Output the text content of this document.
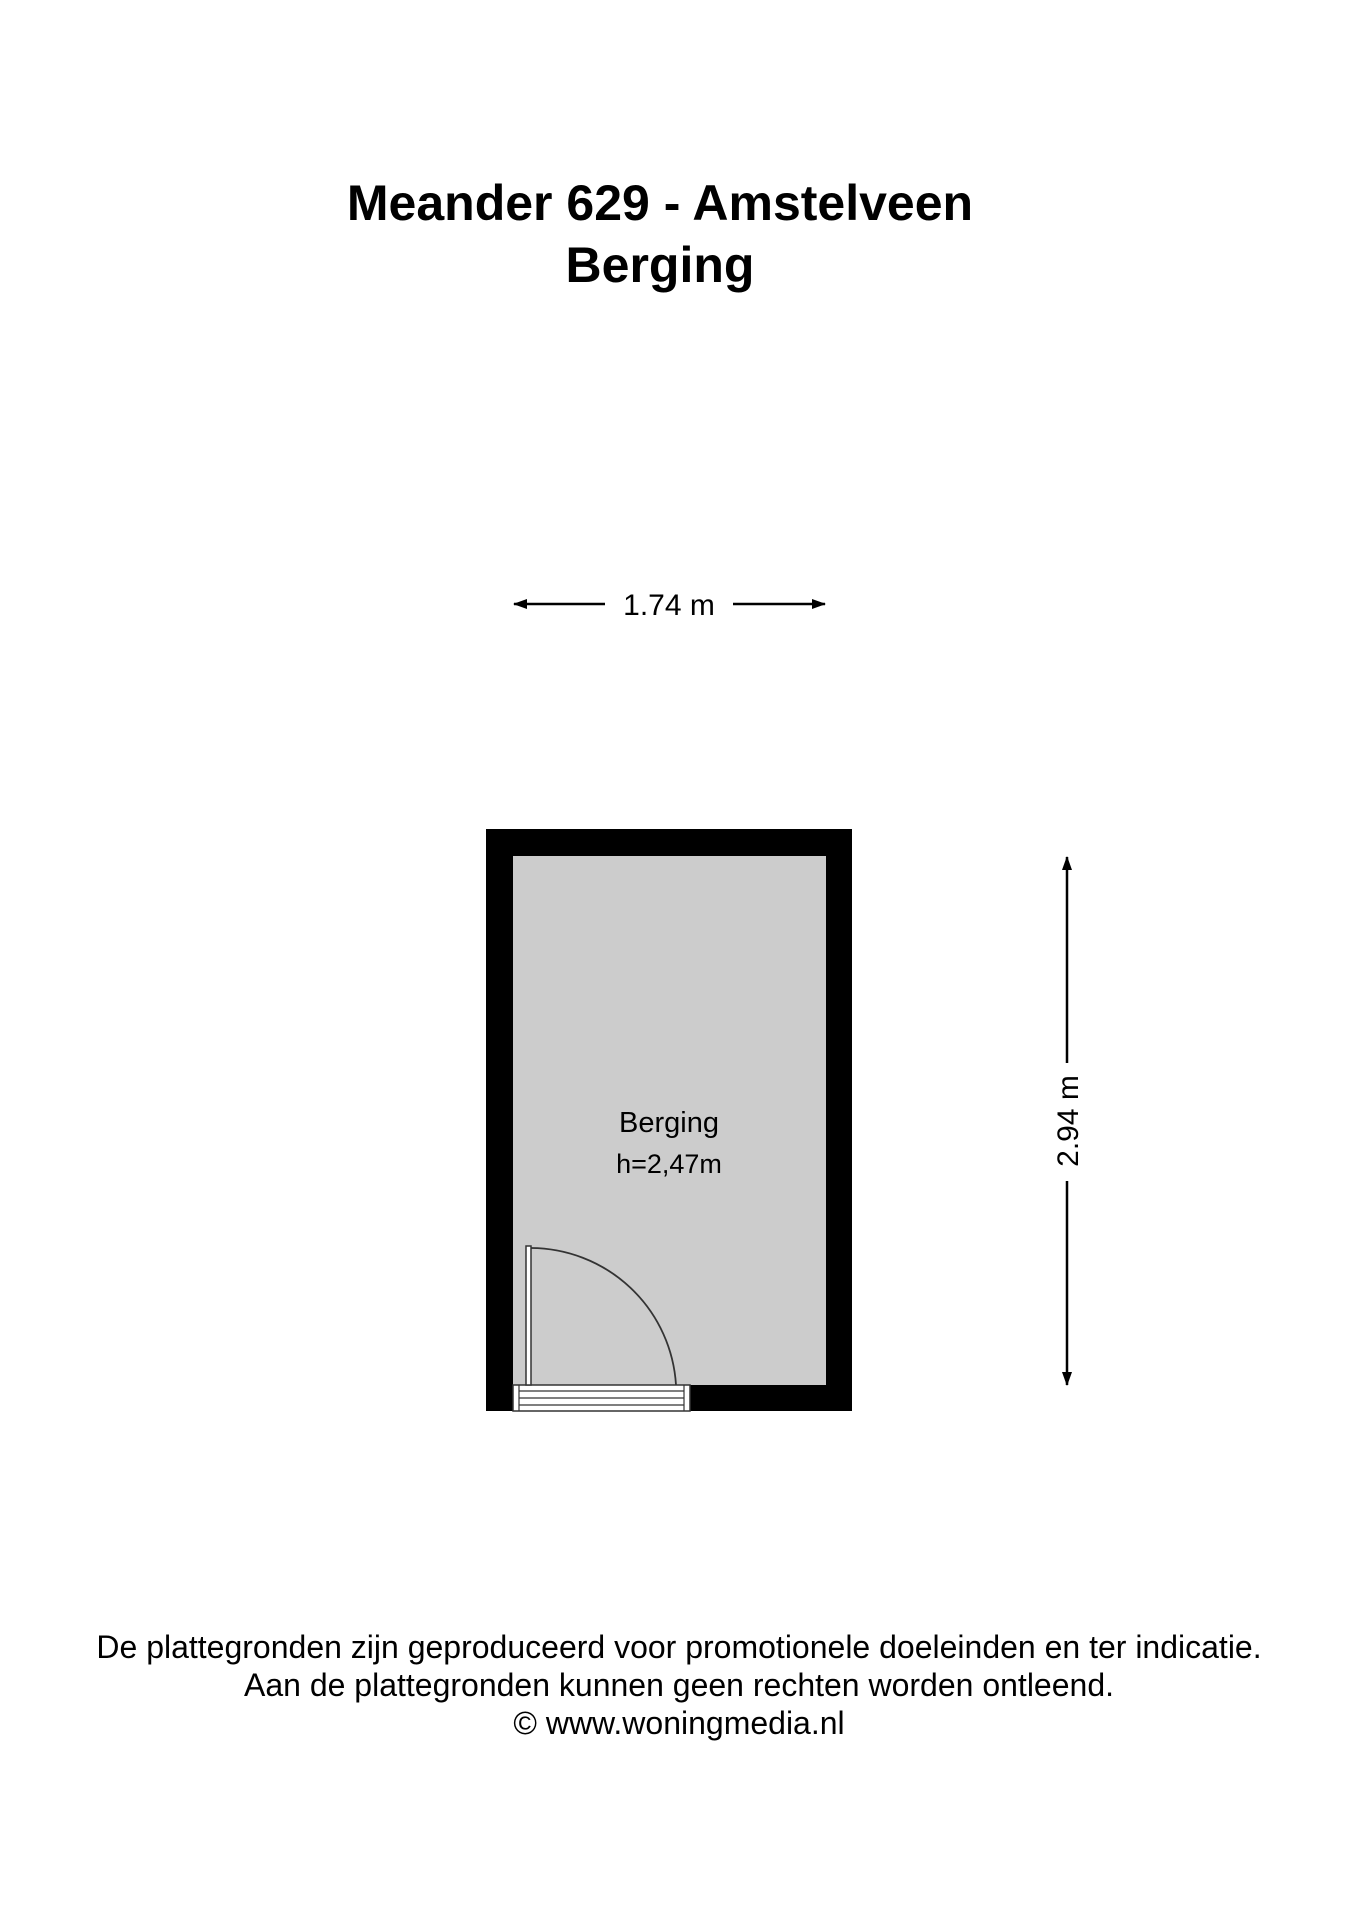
Meander 629 - Amstelveen
Berging
1.74 m
2.94 m
Berging
h=2,47m
De plattegronden zijn geproduceerd voor promotionele doeleinden en ter indicatie.
Aan de plattegronden kunnen geen rechten worden ontleend.
© www.woningmedia.nl
